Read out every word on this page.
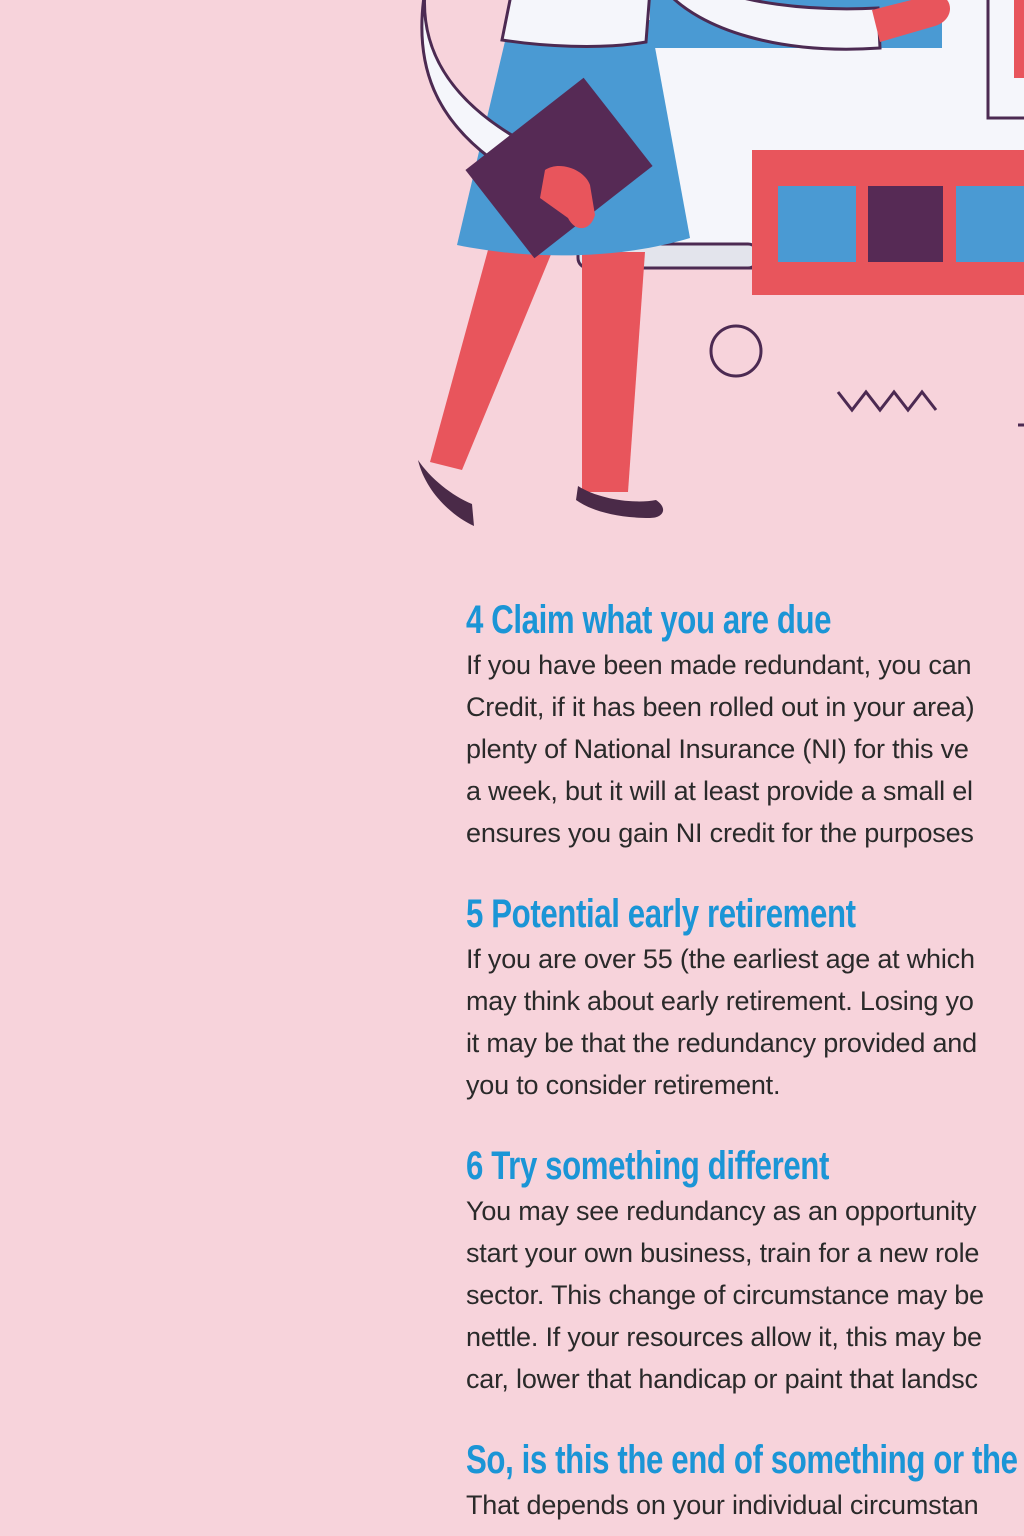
4 Claim what you are due
If you have been made redundant, you can
Credit, if it has been rolled out in your area)
plenty of National Insurance (NI) for this ve
a week, but it will at least provide a small el
ensures you gain NI credit for the purposes
5 Potential early retirement
If you are over 55 (the earliest age at which
may think about early retirement. Losing yo
it may be that the redundancy provided and
you to consider retirement.
6 Try something different
You may see redundancy as an opportunity
start your own business, train for a new role
sector. This change of circumstance may be
nettle. If your resources allow it, this may be
car, lower that handicap or paint that landsc
So, is this the end of something or the
That depends on your individual circumstan
